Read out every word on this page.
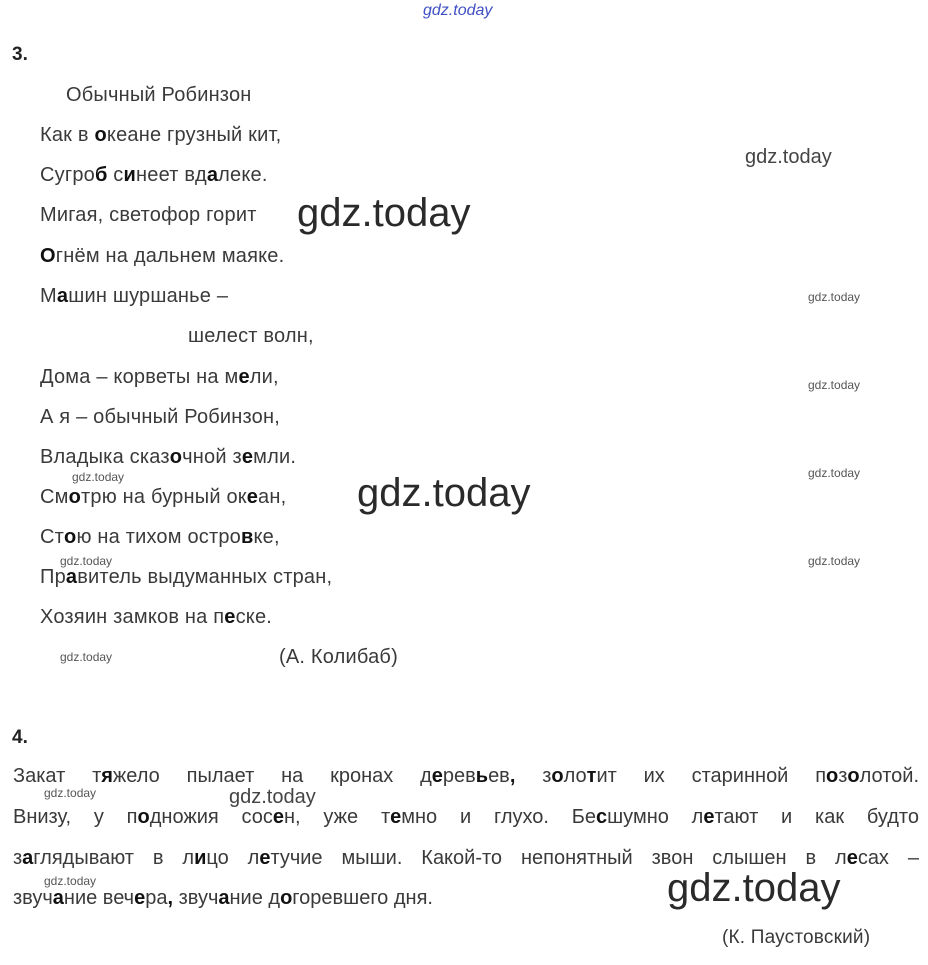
gdz.today
3.
Обычный Робинзон
Как в океане грузный кит,
Сугроб синеет вдалеке.
Мигая, светофор горит
Огнём на дальнем маяке.
Машин шуршанье –
шелест волн,
Дома – корветы на мели,
А я – обычный Робинзон,
Владыка сказочной земли.
Смотрю на бурный океан,
Стою на тихом островке,
Правитель выдуманных стран,
Хозяин замков на песке.
(А. Колибаб)
4.
Закат тяжело пылает на кронах деревьев, золотит их старинной позолотой.
Внизу, у подножия сосен, уже темно и глухо. Бесшумно летают и как будто
заглядывают в лицо летучие мыши. Какой-то непонятный звон слышен в лесах –
звучание вечера, звучание догоревшего дня.
(К. Паустовский)
gdz.today
gdz.today
gdz.today
gdz.today
gdz.today
gdz.today	gdz.today
gdz.today
gdz.today
gdz.today
gdz.today	gdz.today
gdz.today	gdz.today
